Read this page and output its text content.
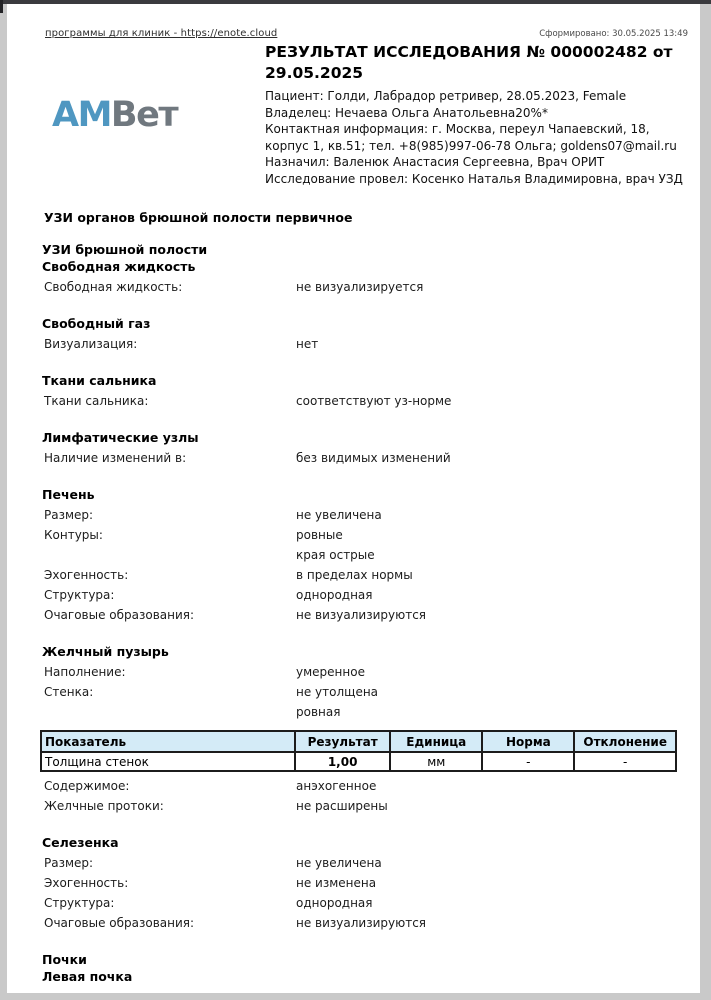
программы для клиник - https://enote.cloud	Сформировано: 30.05.2025 13:49
АМВет
РЕЗУЛЬТАТ ИССЛЕДОВАНИЯ № 000002482 от 29.05.2025
Пациент: Голди, Лабрадор ретривер, 28.05.2023, Female
Владелец: Нечаева Ольга Анатольевна20%*
Контактная информация: г. Москва, переул Чапаевский, 18, корпус 1, кв.51; тел. +8(985)997-06-78 Ольга; goldens07@mail.ru
Назначил: Валенюк Анастасия Сергеевна, Врач ОРИТ
Исследование провел: Косенко Наталья Владимировна, врач УЗД
УЗИ органов брюшной полости первичное
УЗИ брюшной полости
Свободная жидкость
Свободная жидкость:	не визуализируется
Свободный газ
Визуализация:	нет
Ткани сальника
Ткани сальника:	соответствуют уз-норме
Лимфатические узлы
Наличие изменений в:	без видимых изменений
Печень
Размер:	не увеличена
Контуры:	ровные
края острые
Эхогенность:	в пределах нормы
Структура:	однородная
Очаговые образования:	не визуализируются
Желчный пузырь
Наполнение:	умеренное
Стенка:	не утолщена
ровная
Показатель	Результат	Единица	Норма	Отклонение
Толщина стенок	1,00	мм	-	-
Содержимое:	анэхогенное
Желчные протоки:	не расширены
Селезенка
Размер:	не увеличена
Эхогенность:	не изменена
Структура:	однородная
Очаговые образования:	не визуализируются
Почки
Левая почка
